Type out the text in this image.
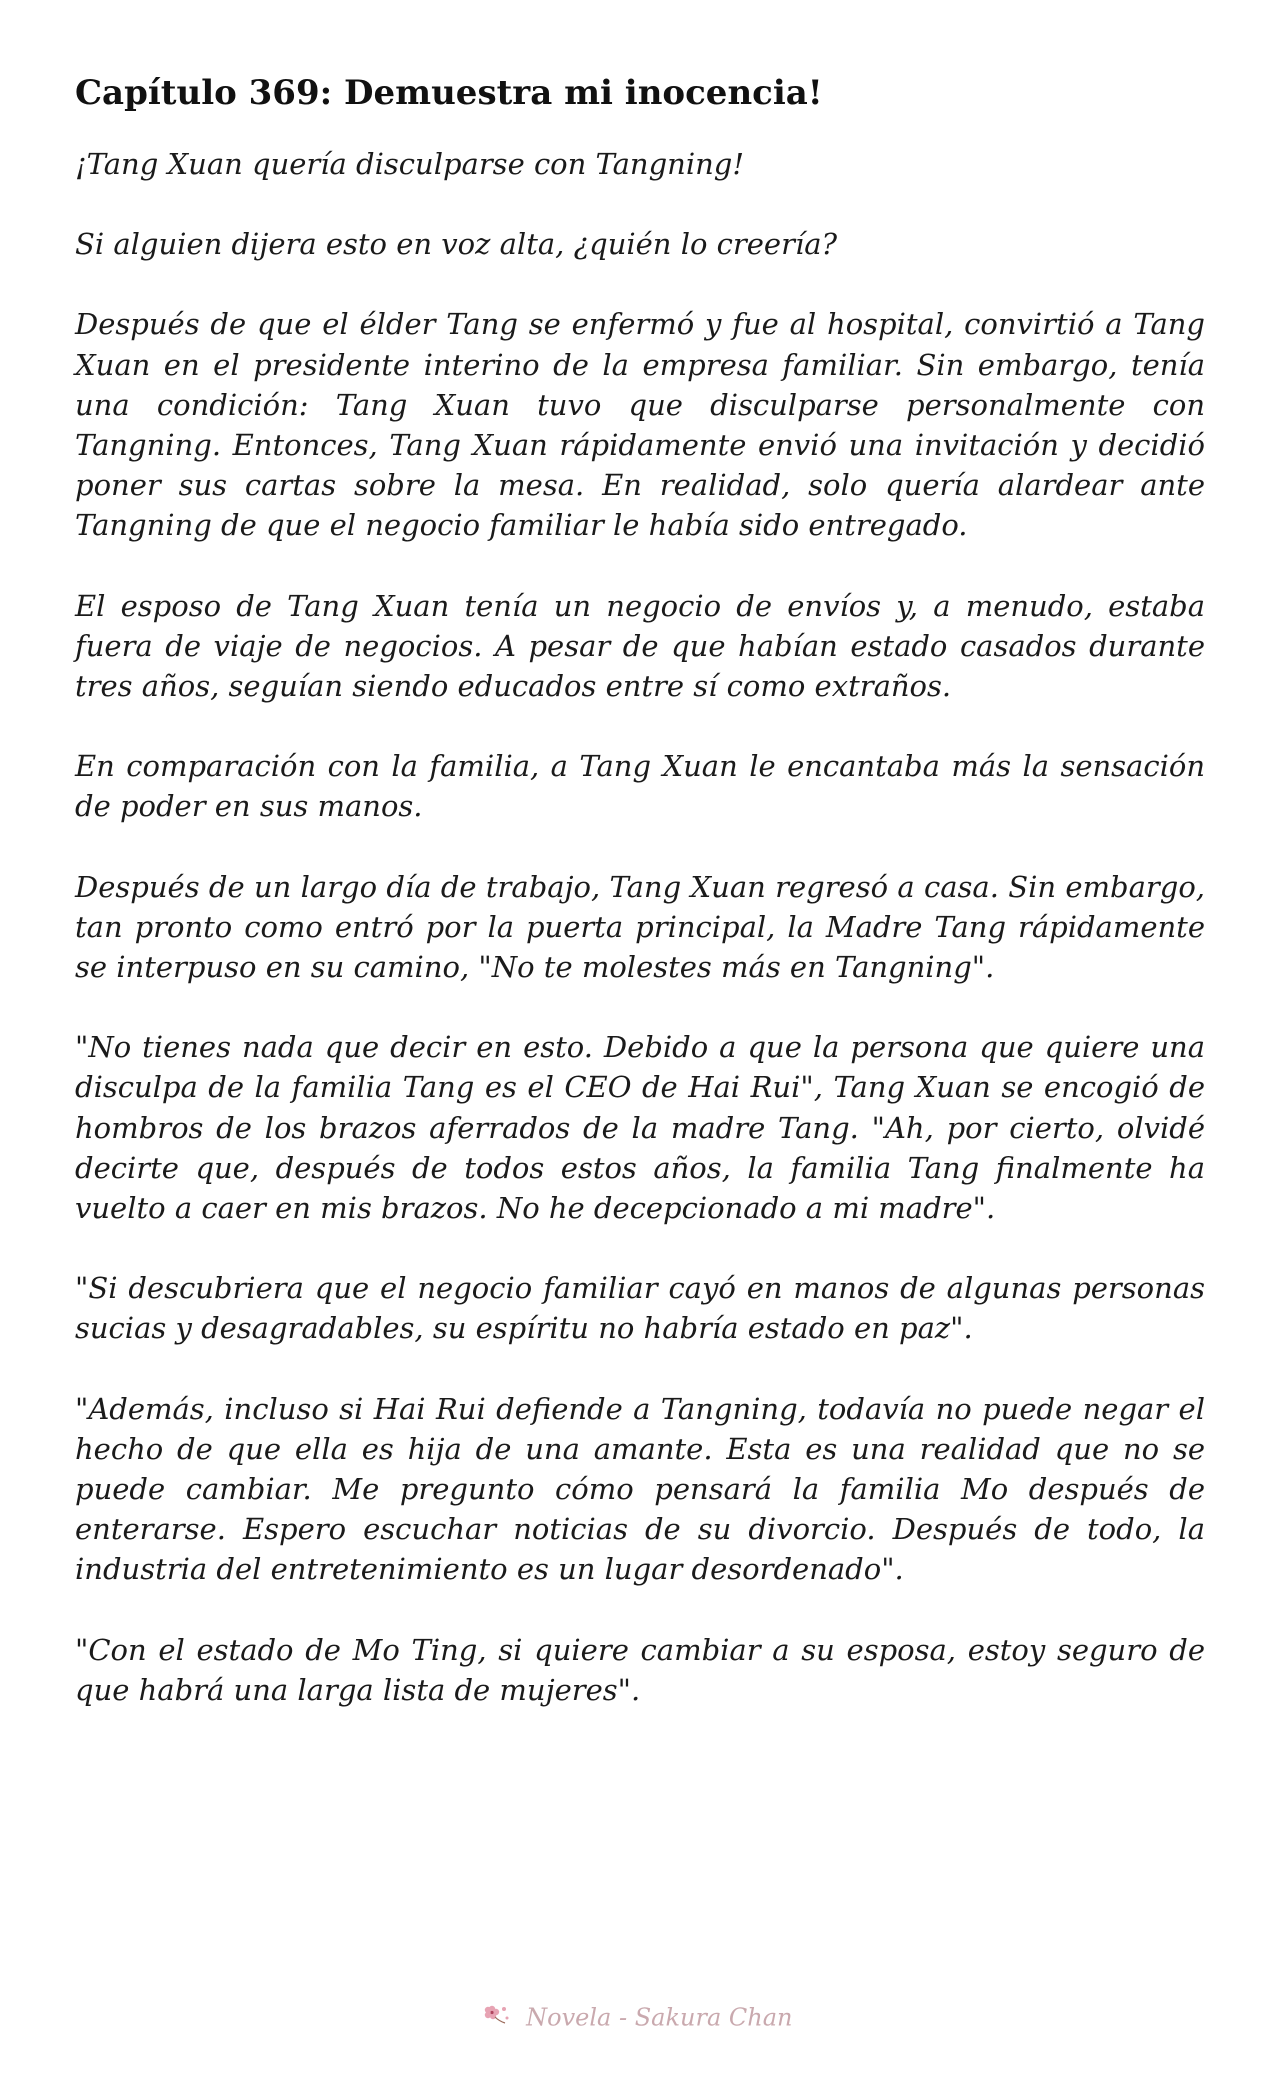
Capítulo 369: Demuestra mi inocencia!

¡Tang Xuan quería disculparse con Tangning!

Si alguien dijera esto en voz alta, ¿quién lo creería?

Después de que el élder Tang se enfermó y fue al hospital, convirtió a Tang Xuan en el presidente interino de la empresa familiar. Sin embargo, tenía una condición: Tang Xuan tuvo que disculparse personalmente con Tangning. Entonces, Tang Xuan rápidamente envió una invitación y decidió poner sus cartas sobre la mesa. En realidad, solo quería alardear ante Tangning de que el negocio familiar le había sido entregado.

El esposo de Tang Xuan tenía un negocio de envíos y, a menudo, estaba fuera de viaje de negocios. A pesar de que habían estado casados durante tres años, seguían siendo educados entre sí como extraños.

En comparación con la familia, a Tang Xuan le encantaba más la sensación de poder en sus manos.

Después de un largo día de trabajo, Tang Xuan regresó a casa. Sin embargo, tan pronto como entró por la puerta principal, la Madre Tang rápidamente se interpuso en su camino, "No te molestes más en Tangning".

"No tienes nada que decir en esto. Debido a que la persona que quiere una disculpa de la familia Tang es el CEO de Hai Rui", Tang Xuan se encogió de hombros de los brazos aferrados de la madre Tang. "Ah, por cierto, olvidé decirte que, después de todos estos años, la familia Tang finalmente ha vuelto a caer en mis brazos. No he decepcionado a mi madre".

"Si descubriera que el negocio familiar cayó en manos de algunas personas sucias y desagradables, su espíritu no habría estado en paz".

"Además, incluso si Hai Rui defiende a Tangning, todavía no puede negar el hecho de que ella es hija de una amante. Esta es una realidad que no se puede cambiar. Me pregunto cómo pensará la familia Mo después de enterarse. Espero escuchar noticias de su divorcio. Después de todo, la industria del entretenimiento es un lugar desordenado".

"Con el estado de Mo Ting, si quiere cambiar a su esposa, estoy seguro de que habrá una larga lista de mujeres".

Novela - Sakura Chan
